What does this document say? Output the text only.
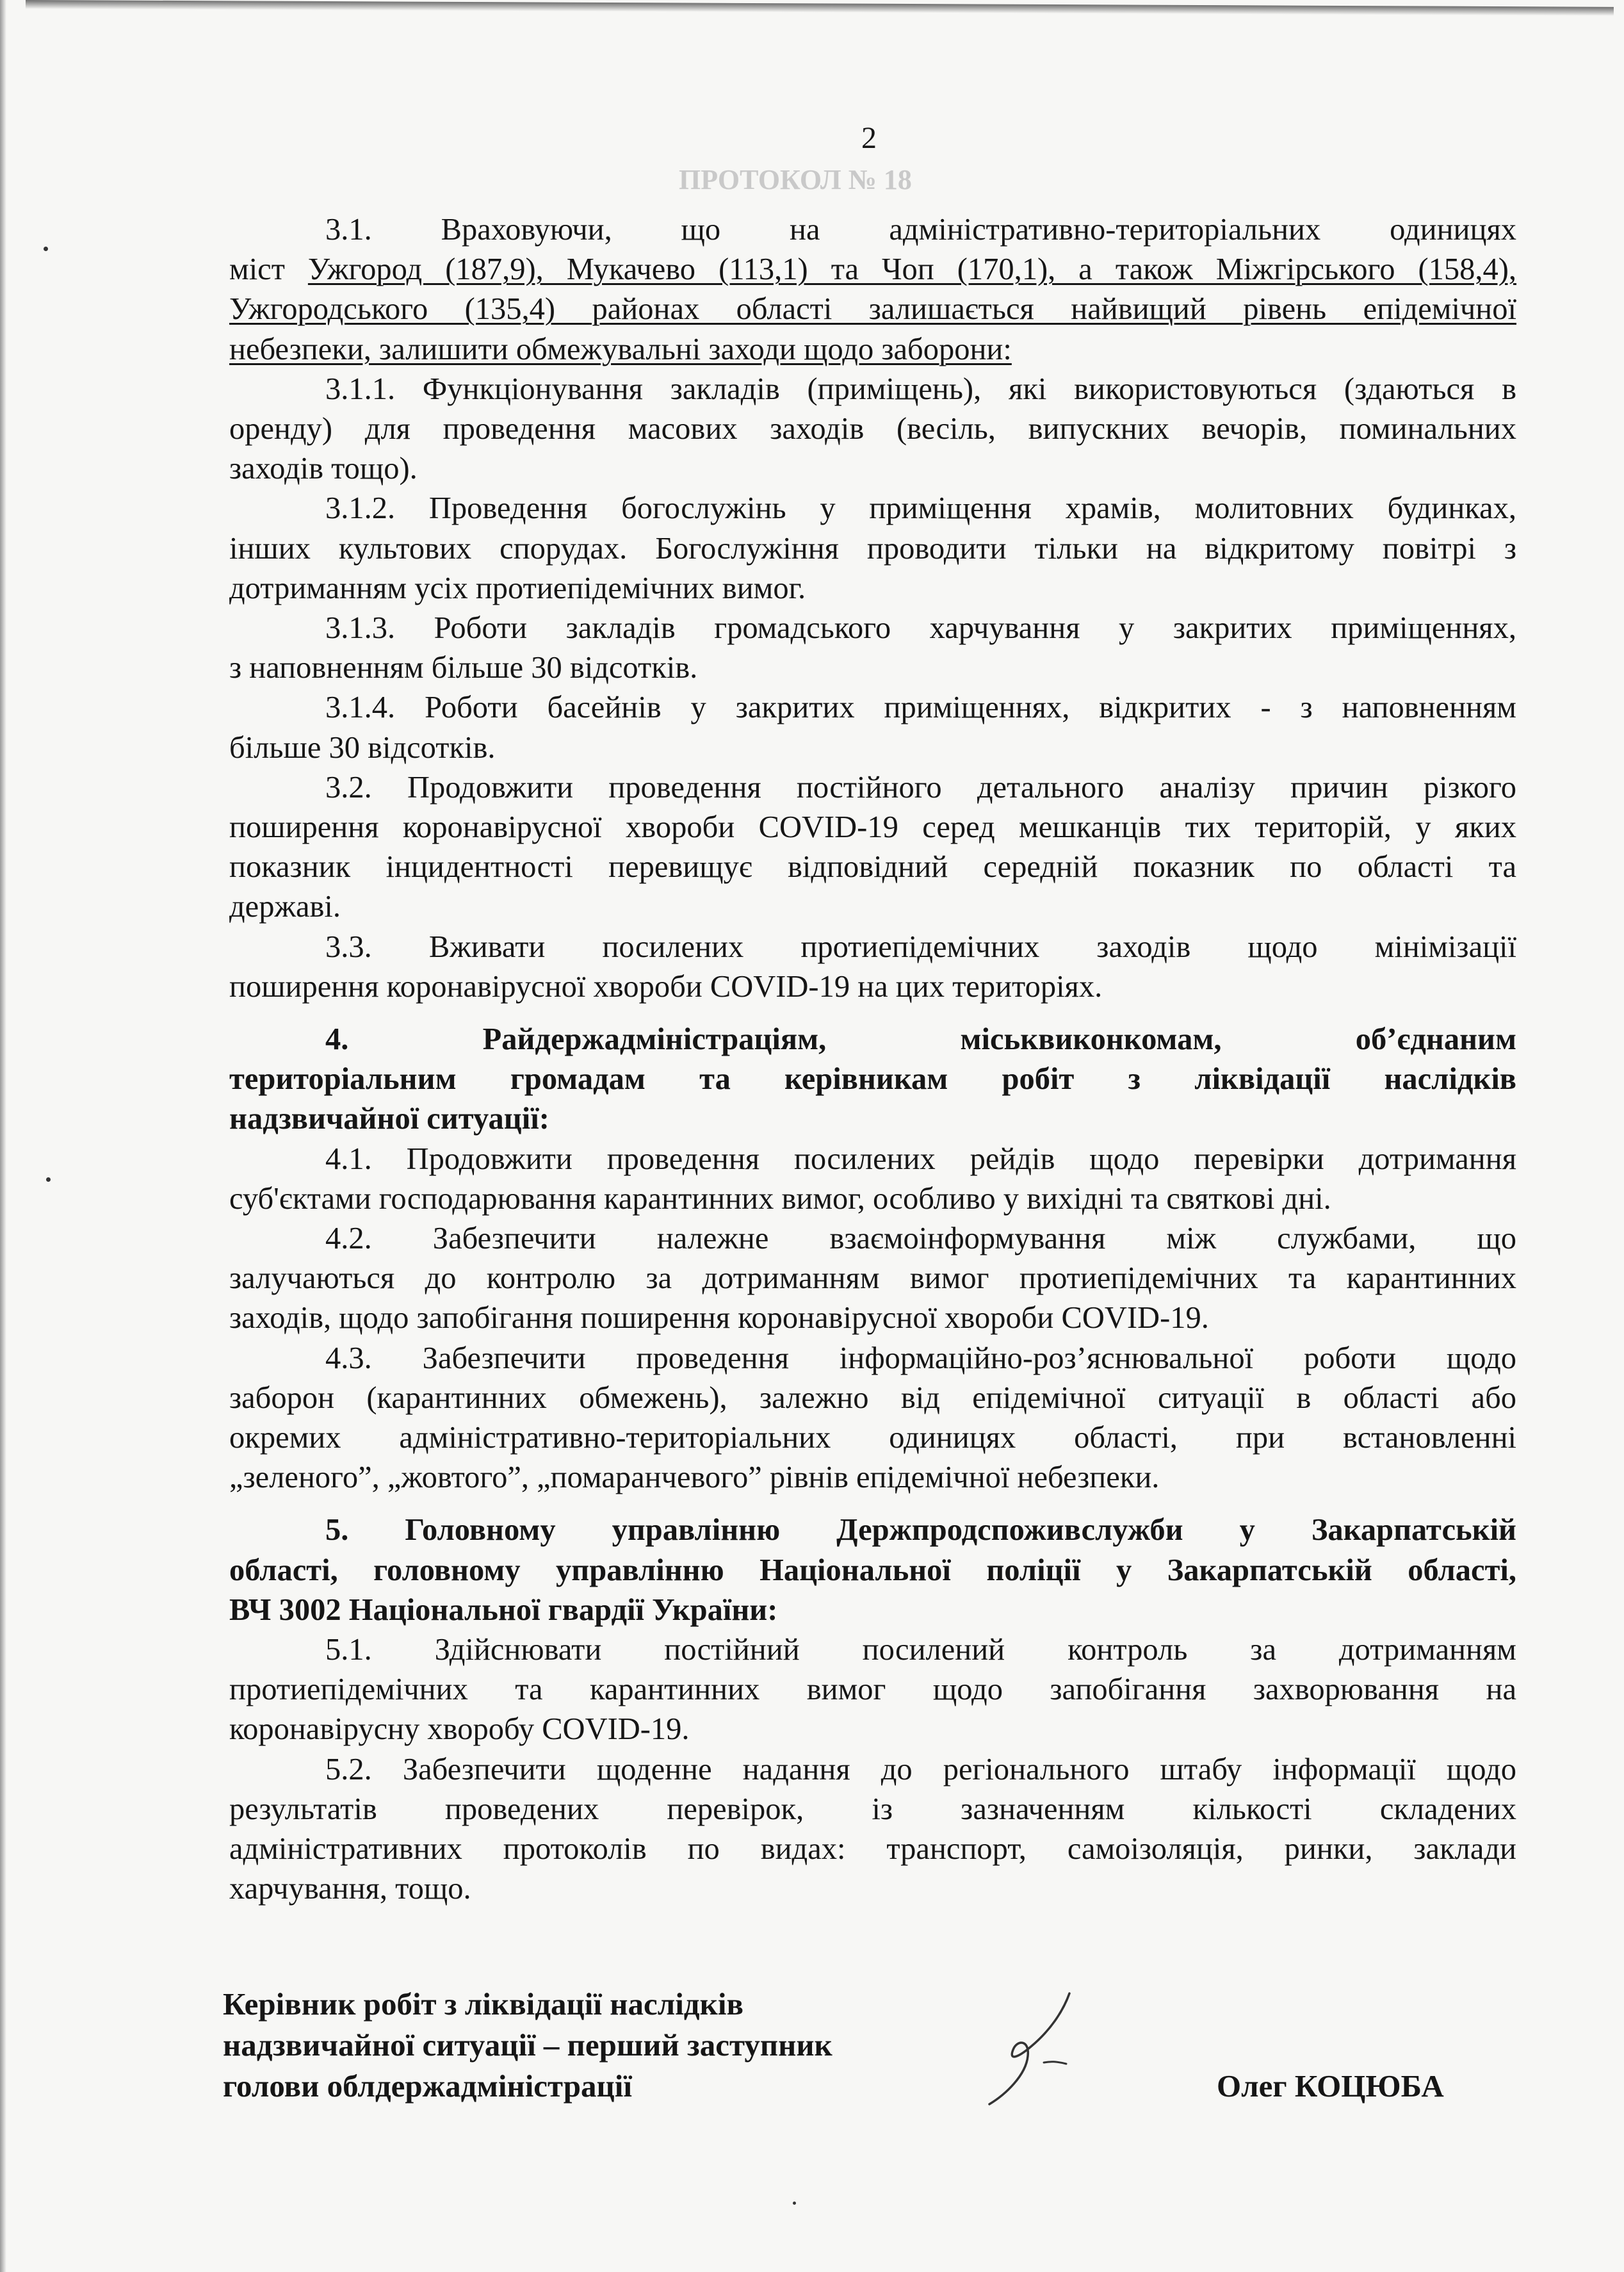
ПРОТОКОЛ № 18
2
3.1. Враховуючи, що на адміністративно-територіальних одиницях
міст Ужгород (187,9), Мукачево (113,1) та Чоп (170,1), а також Міжгірського (158,4),
Ужгородського (135,4) районах області залишається найвищий рівень епідемічної
небезпеки, залишити обмежувальні заходи щодо заборони:
3.1.1. Функціонування закладів (приміщень), які використовуються (здаються в
оренду) для проведення масових заходів (весіль, випускних вечорів, поминальних
заходів тощо).
3.1.2. Проведення богослужінь у приміщення храмів, молитовних будинках,
інших культових спорудах. Богослужіння проводити тільки на відкритому повітрі з
дотриманням усіх протиепідемічних вимог.
3.1.3. Роботи закладів громадського харчування у закритих приміщеннях,
з наповненням більше 30 відсотків.
3.1.4. Роботи басейнів у закритих приміщеннях, відкритих - з наповненням
більше 30 відсотків.
3.2. Продовжити проведення постійного детального аналізу причин різкого
поширення коронавірусної хвороби COVID-19 серед мешканців тих територій, у яких
показник інцидентності перевищує відповідний середній показник по області та
державі.
3.3. Вживати посилених протиепідемічних заходів щодо мінімізації
поширення коронавірусної хвороби COVID-19 на цих територіях.
4. Райдержадміністраціям, міськвиконкомам, об’єднаним
територіальним громадам та керівникам робіт з ліквідації наслідків
надзвичайної ситуації:
4.1. Продовжити проведення посилених рейдів щодо перевірки дотримання
суб'єктами господарювання карантинних вимог, особливо у вихідні та святкові дні.
4.2. Забезпечити належне взаємоінформування між службами, що
залучаються до контролю за дотриманням вимог протиепідемічних та карантинних
заходів, щодо запобігання поширення коронавірусної хвороби COVID-19.
4.3. Забезпечити проведення інформаційно-роз’яснювальної роботи щодо
заборон (карантинних обмежень), залежно від епідемічної ситуації в області або
окремих адміністративно-територіальних одиницях області, при встановленні
„зеленого”, „жовтого”, „помаранчевого” рівнів епідемічної небезпеки.
5. Головному управлінню Держпродспоживслужби у Закарпатській
області, головному управлінню Національної поліції у Закарпатській області,
ВЧ 3002 Національної гвардії України:
5.1. Здійснювати постійний посилений контроль за дотриманням
протиепідемічних та карантинних вимог щодо запобігання захворювання на
коронавірусну хворобу COVID-19.
5.2. Забезпечити щоденне надання до регіонального штабу інформації щодо
результатів проведених перевірок, із зазначенням кількості складених
адміністративних протоколів по видах: транспорт, самоізоляція, ринки, заклади
харчування, тощо.
Керівник робіт з ліквідації наслідків
надзвичайної ситуації – перший заступник
голови облдержадміністрації	Олег КОЦЮБА
